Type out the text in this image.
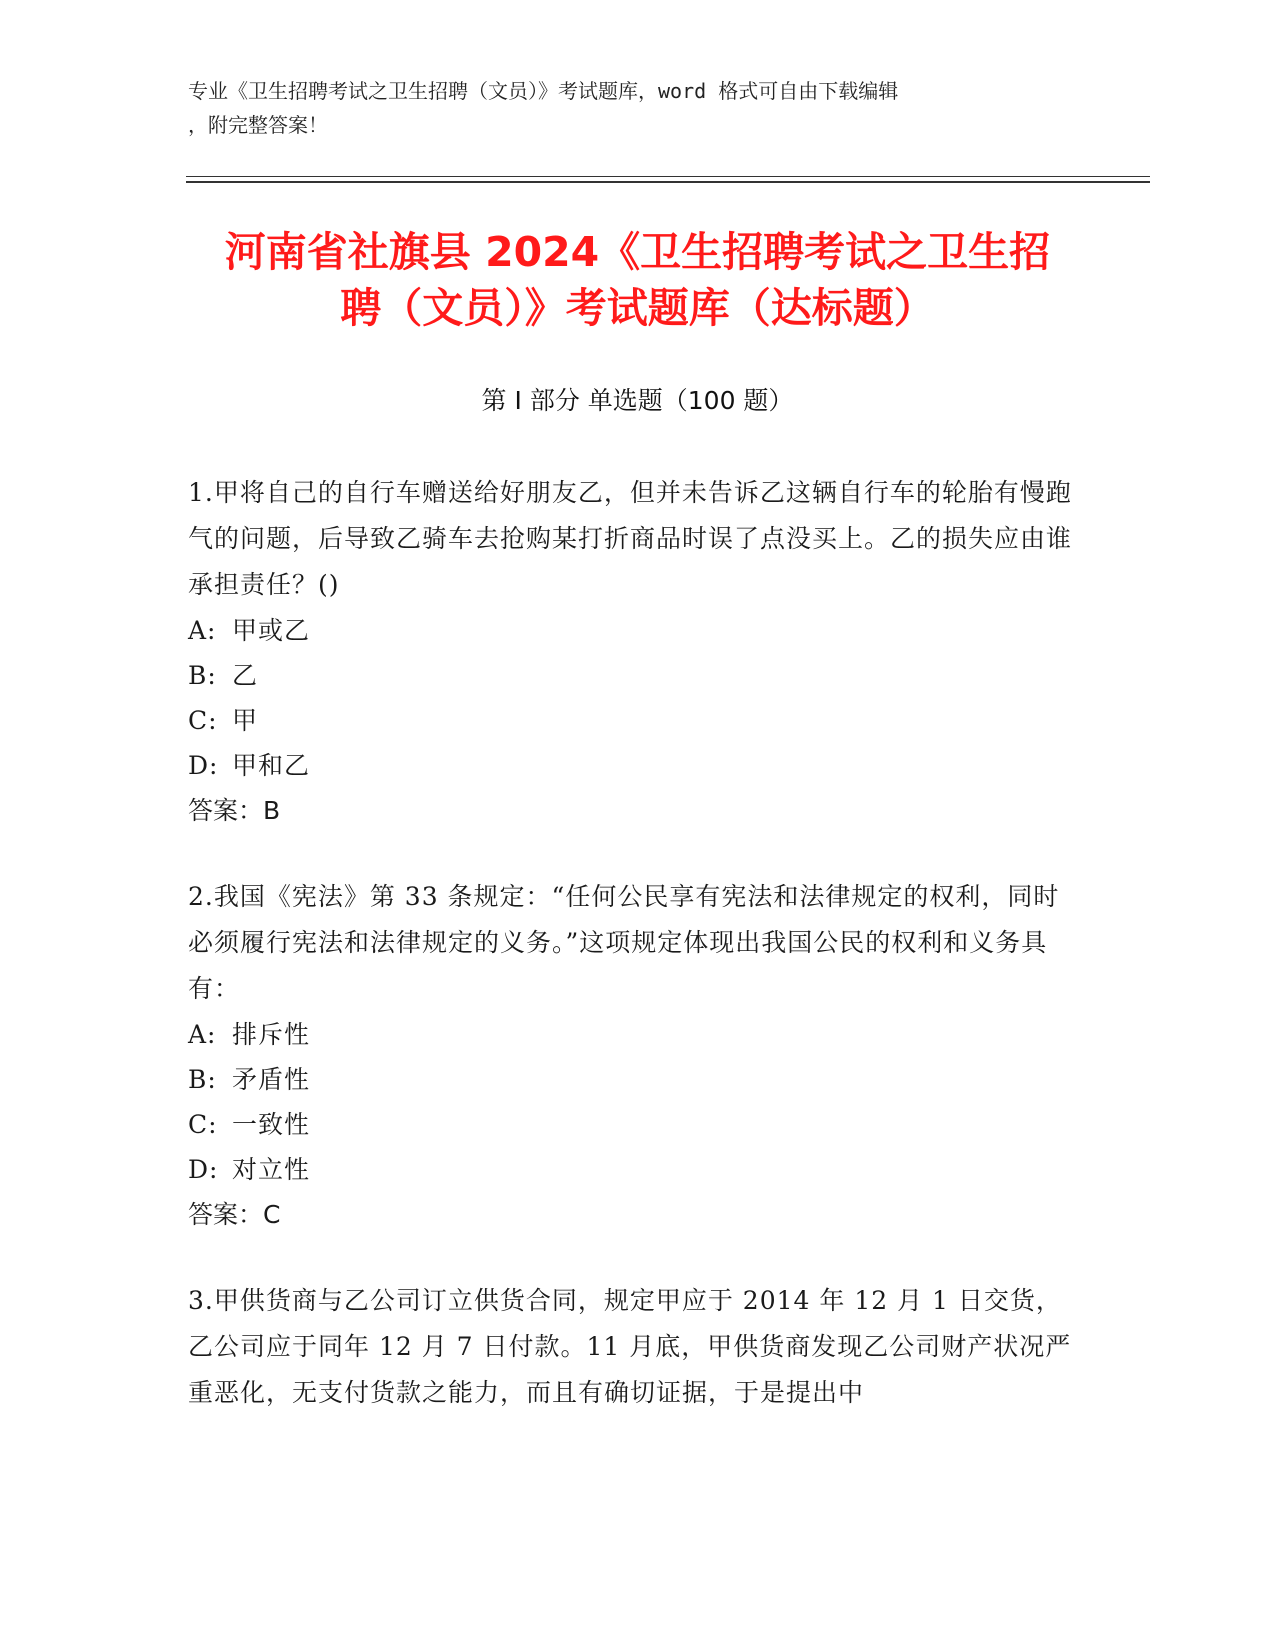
专业《卫生招聘考试之卫生招聘（文员）》考试题库，word 格式可自由下载编辑
，附完整答案！
河南省社旗县 2024《卫生招聘考试之卫生招
聘（文员）》考试题库（达标题）
第 I 部分 单选题（100 题）

1.甲将自己的自行车赠送给好朋友乙，但并未告诉乙这辆自行车的轮胎有慢跑气的问题，后导致乙骑车去抢购某打折商品时误了点没买上。乙的损失应由谁承担责任？()

A: 甲或乙

B: 乙

C: 甲

D: 甲和乙

答案：B

2.我国《宪法》第 33 条规定：“任何公民享有宪法和法律规定的权利，同时必须履行宪法和法律规定的义务。”这项规定体现出我国公民的权利和义务具有：

A: 排斥性

B: 矛盾性

C: 一致性

D: 对立性

答案：C

3.甲供货商与乙公司订立供货合同，规定甲应于 2014 年 12 月 1 日交货，乙公司应于同年 12 月 7 日付款。11 月底，甲供货商发现乙公司财产状况严重恶化，无支付货款之能力，而且有确切证据，于是提出中
